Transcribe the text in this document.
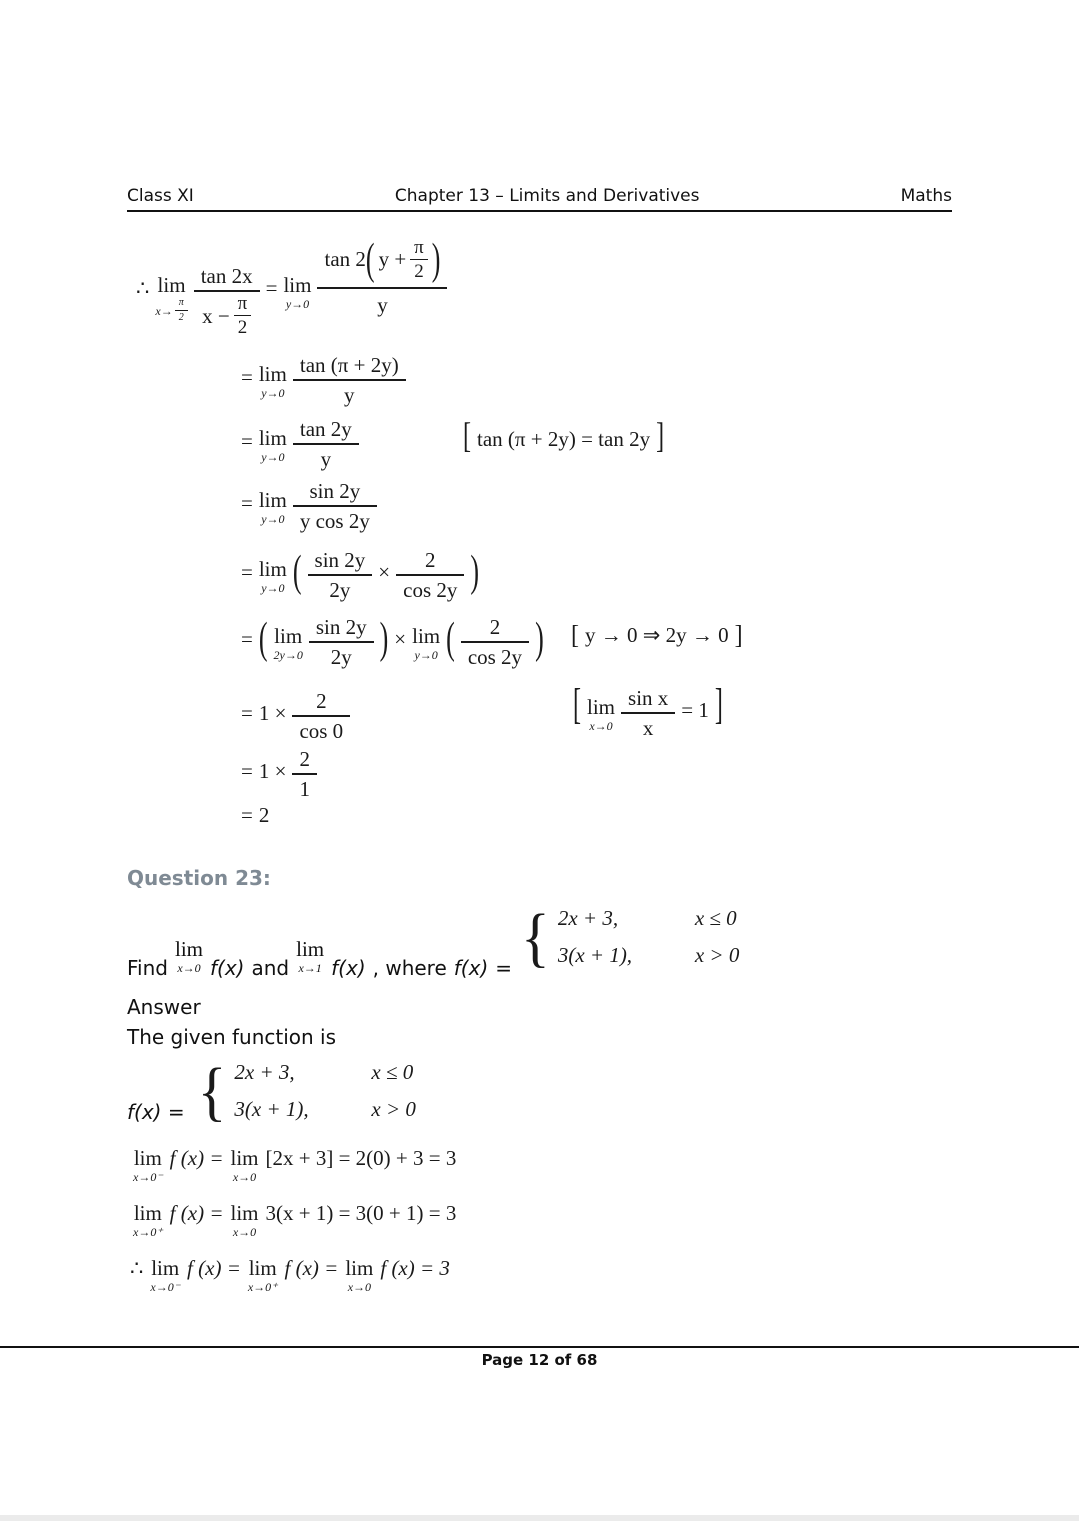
Class XI	Chapter 13 – Limits and Derivatives	Maths
∴ lim
$x\to \frac{\pi}{2} \frac{\tan 2x}{x - \frac{\pi}{2}} = \lim$
y→0
tan 2 ( $y + \frac{\pi}{2}$ )
y
= lim
$y\to 0 \frac{\tan (\pi + 2y)}{y}$
= lim
$y\to 0 \frac{\tan 2y}{y}$	[ tan (π + 2y) = tan 2y ]
= lim
$y\to 0 \frac{\sin 2y}{\text{y cos 2y}}$
= lim
y→0 ( $\frac{\sin 2y}{2y} \times \frac{2}{\cos 2y}$ )
= ( lim
$2y\to 0 \frac{\sin 2y}{2y}$ ) × lim
y→0 ( $\frac{2}{\cos 2y}$ ) [ y → 0 ⇒ 2y → 0 ]
= $1 \times \frac{2}{\cos 0}$	[ lim
$x\to 0 \frac{\text{sin x}}{x} = 1$ ]
= $1 \times \frac{2}{1}$
= 2
Question 23:
Find
lim
x→0 f(x) and
lim
x→1 f(x) , where f(x) = { 2x + 3,	x ≤ 0
3(x + 1),	x > 0
Answer
The given function is
f(x) = { 2x + 3,	x ≤ 0
3(x + 1),	x > 0
lim
x→0⁻
f (x) = lim
x→0
[2x + 3] = 2(0) + 3 = 3
lim
x→0⁺
f (x) = lim
x→0
3(x + 1) = 3(0 + 1) = 3
∴ lim
x→0⁻
f (x) = lim
x→0⁺
f (x) = lim
x→0
f (x) = 3
Page 12 of 68
